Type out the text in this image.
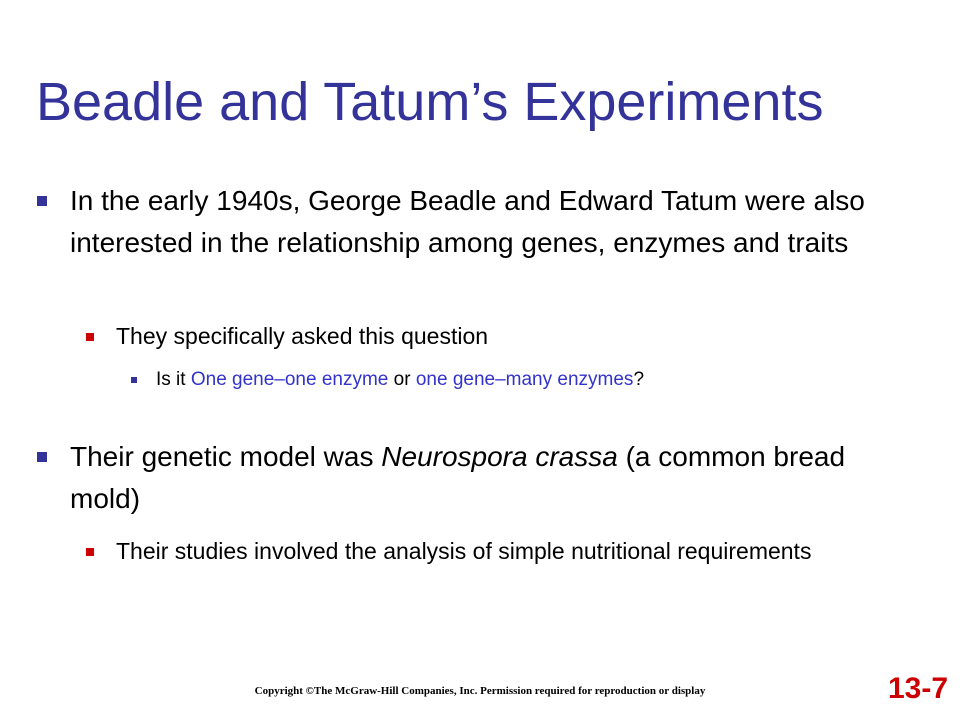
Beadle and Tatum’s Experiments
In the early 1940s, George Beadle and Edward Tatum were also interested in the relationship among genes, enzymes and traits
They specifically asked this question
Is it One gene–one enzyme or one gene–many enzymes?
Their genetic model was Neurospora crassa (a common bread mold)
Their studies involved the analysis of simple nutritional requirements
Copyright ©The McGraw-Hill Companies, Inc. Permission required for reproduction or display	13-7
